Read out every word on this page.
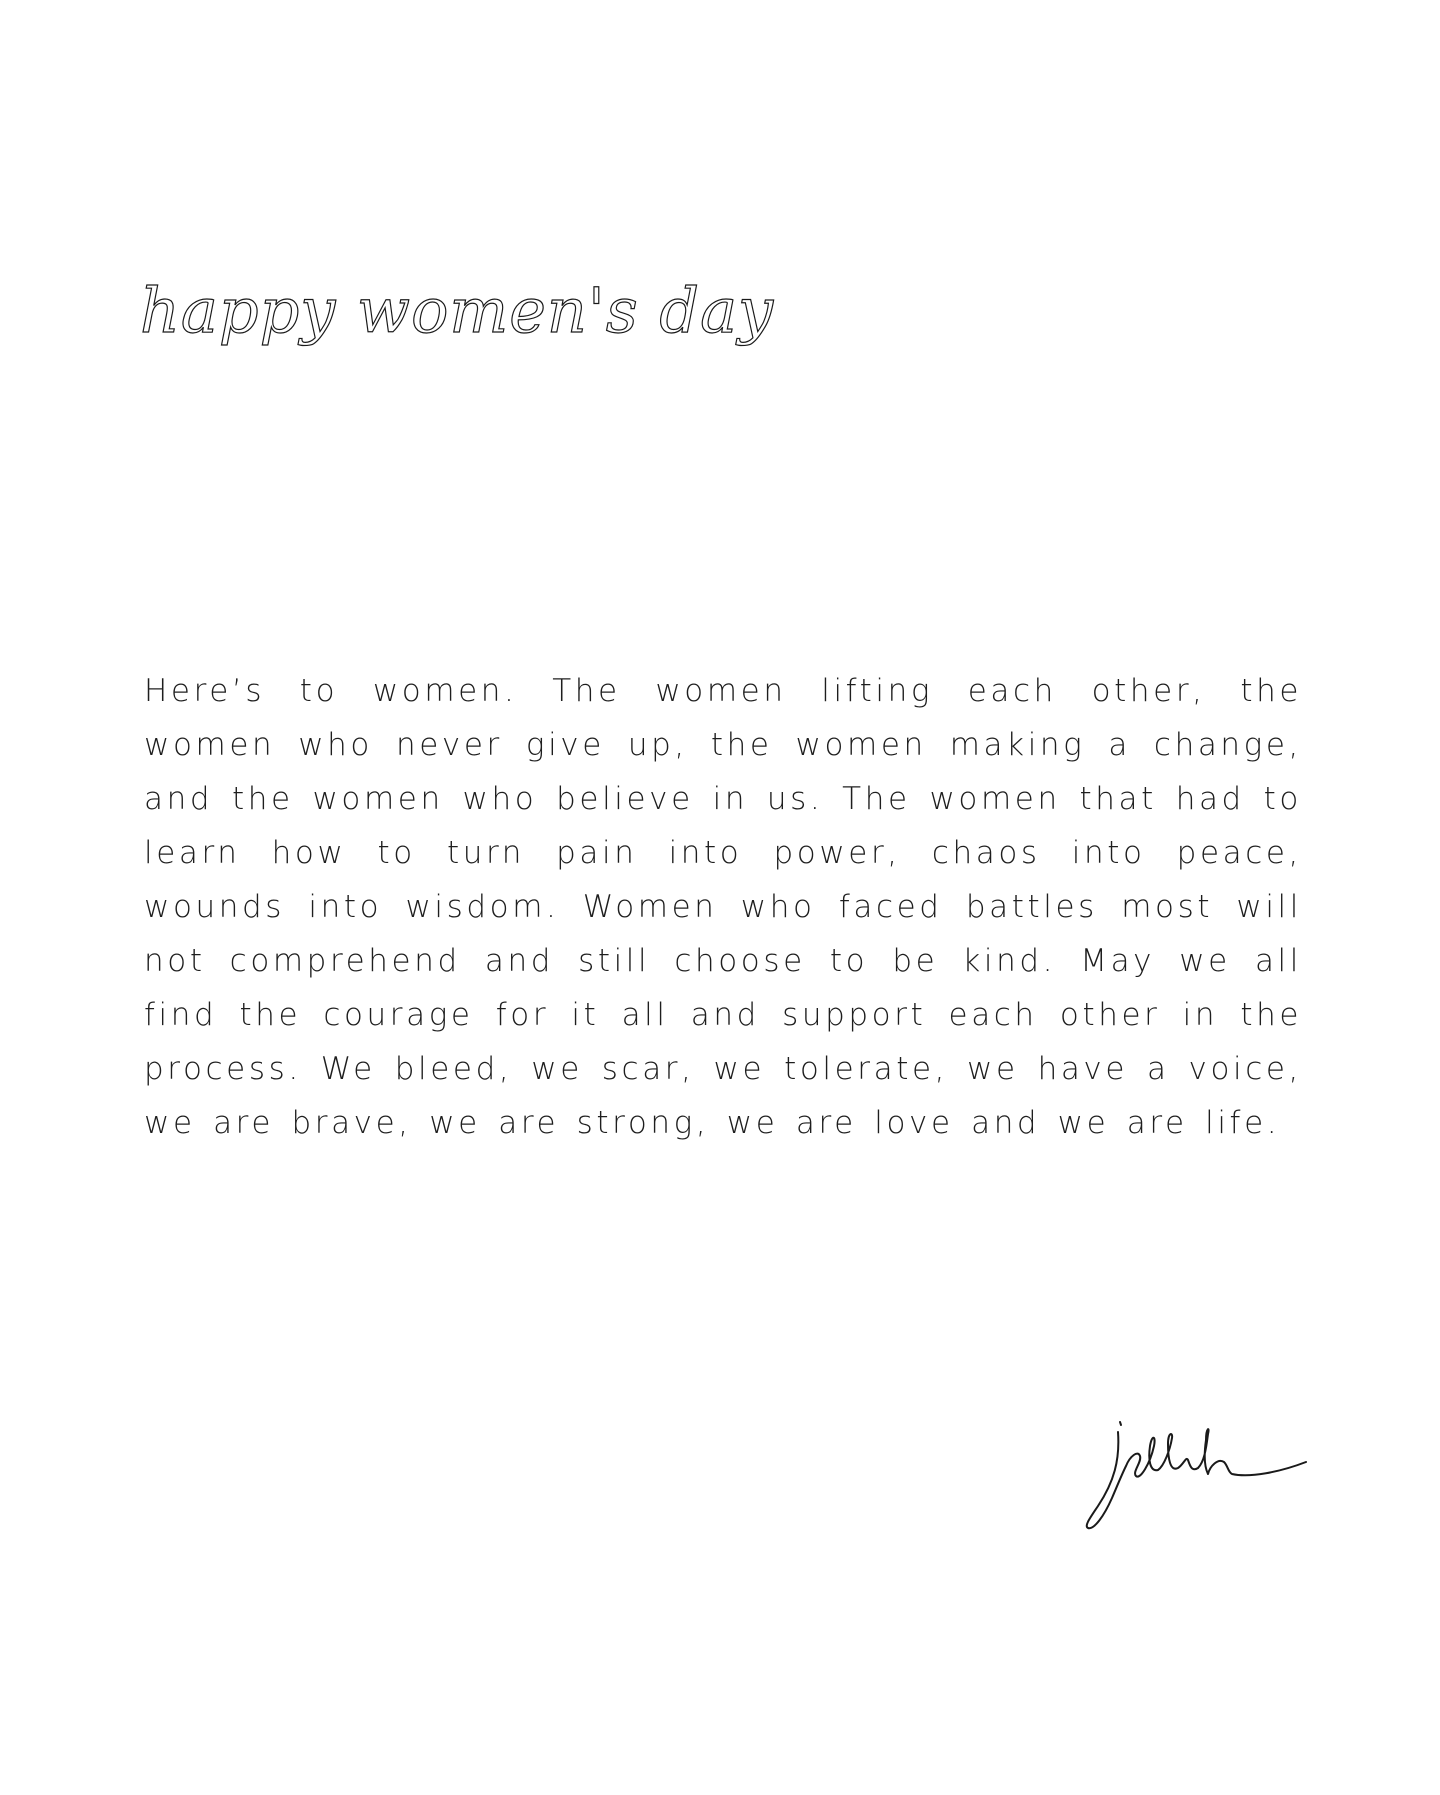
happy women's day

Here’s to women. The women lifting each other, the women who never give up, the women making a change, and the women who believe in us. The women that had to learn how to turn pain into power, chaos into peace, wounds into wisdom. Women who faced battles most will not comprehend and still choose to be kind. May we all find the courage for it all and support each other in the process. We bleed, we scar, we tolerate, we have a voice, we are brave, we are strong, we are love and we are life.
